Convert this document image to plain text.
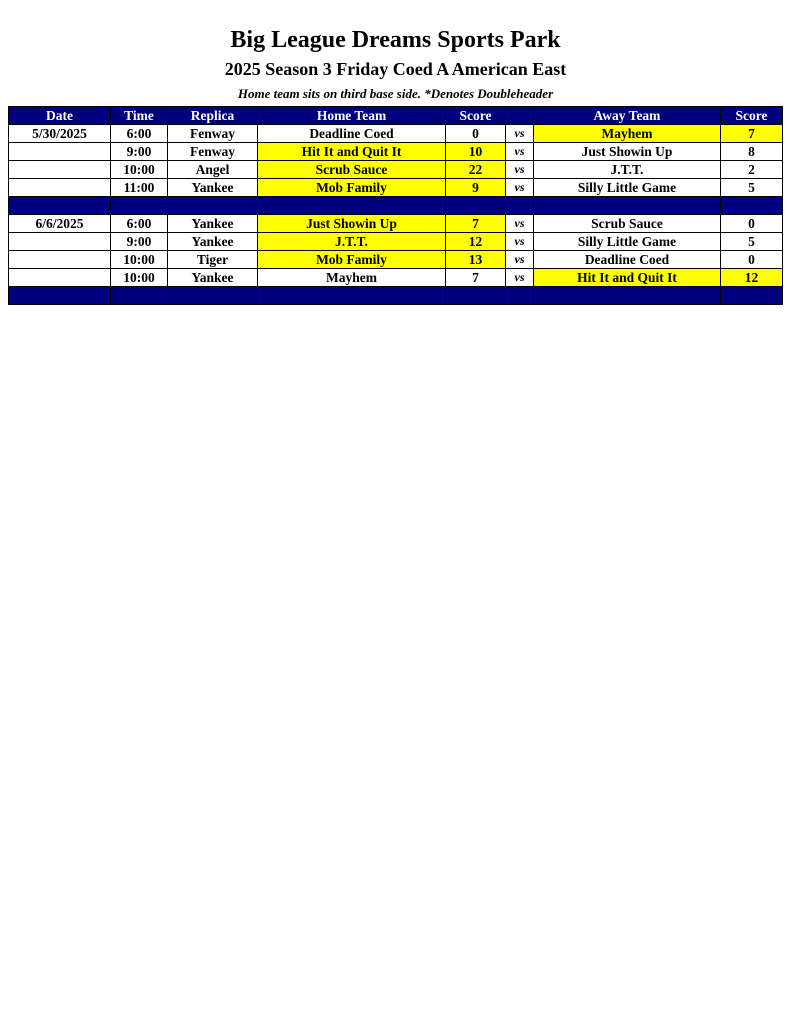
Big League Dreams Sports Park
2025 Season 3 Friday Coed A American East
Home team sits on third base side. *Denotes Doubleheader
Date	Time	Replica	Home Team	Score		Away Team	Score
5/30/2025	6:00	Fenway	Deadline Coed	0	vs	Mayhem	7
	9:00	Fenway	Hit It and Quit It	10	vs	Just Showin Up	8
	10:00	Angel	Scrub Sauce	22	vs	J.T.T.	2
	11:00	Yankee	Mob Family	9	vs	Silly Little Game	5

6/6/2025	6:00	Yankee	Just Showin Up	7	vs	Scrub Sauce	0
	9:00	Yankee	J.T.T.	12	vs	Silly Little Game	5
	10:00	Tiger	Mob Family	13	vs	Deadline Coed	0
	10:00	Yankee	Mayhem	7	vs	Hit It and Quit It	12
